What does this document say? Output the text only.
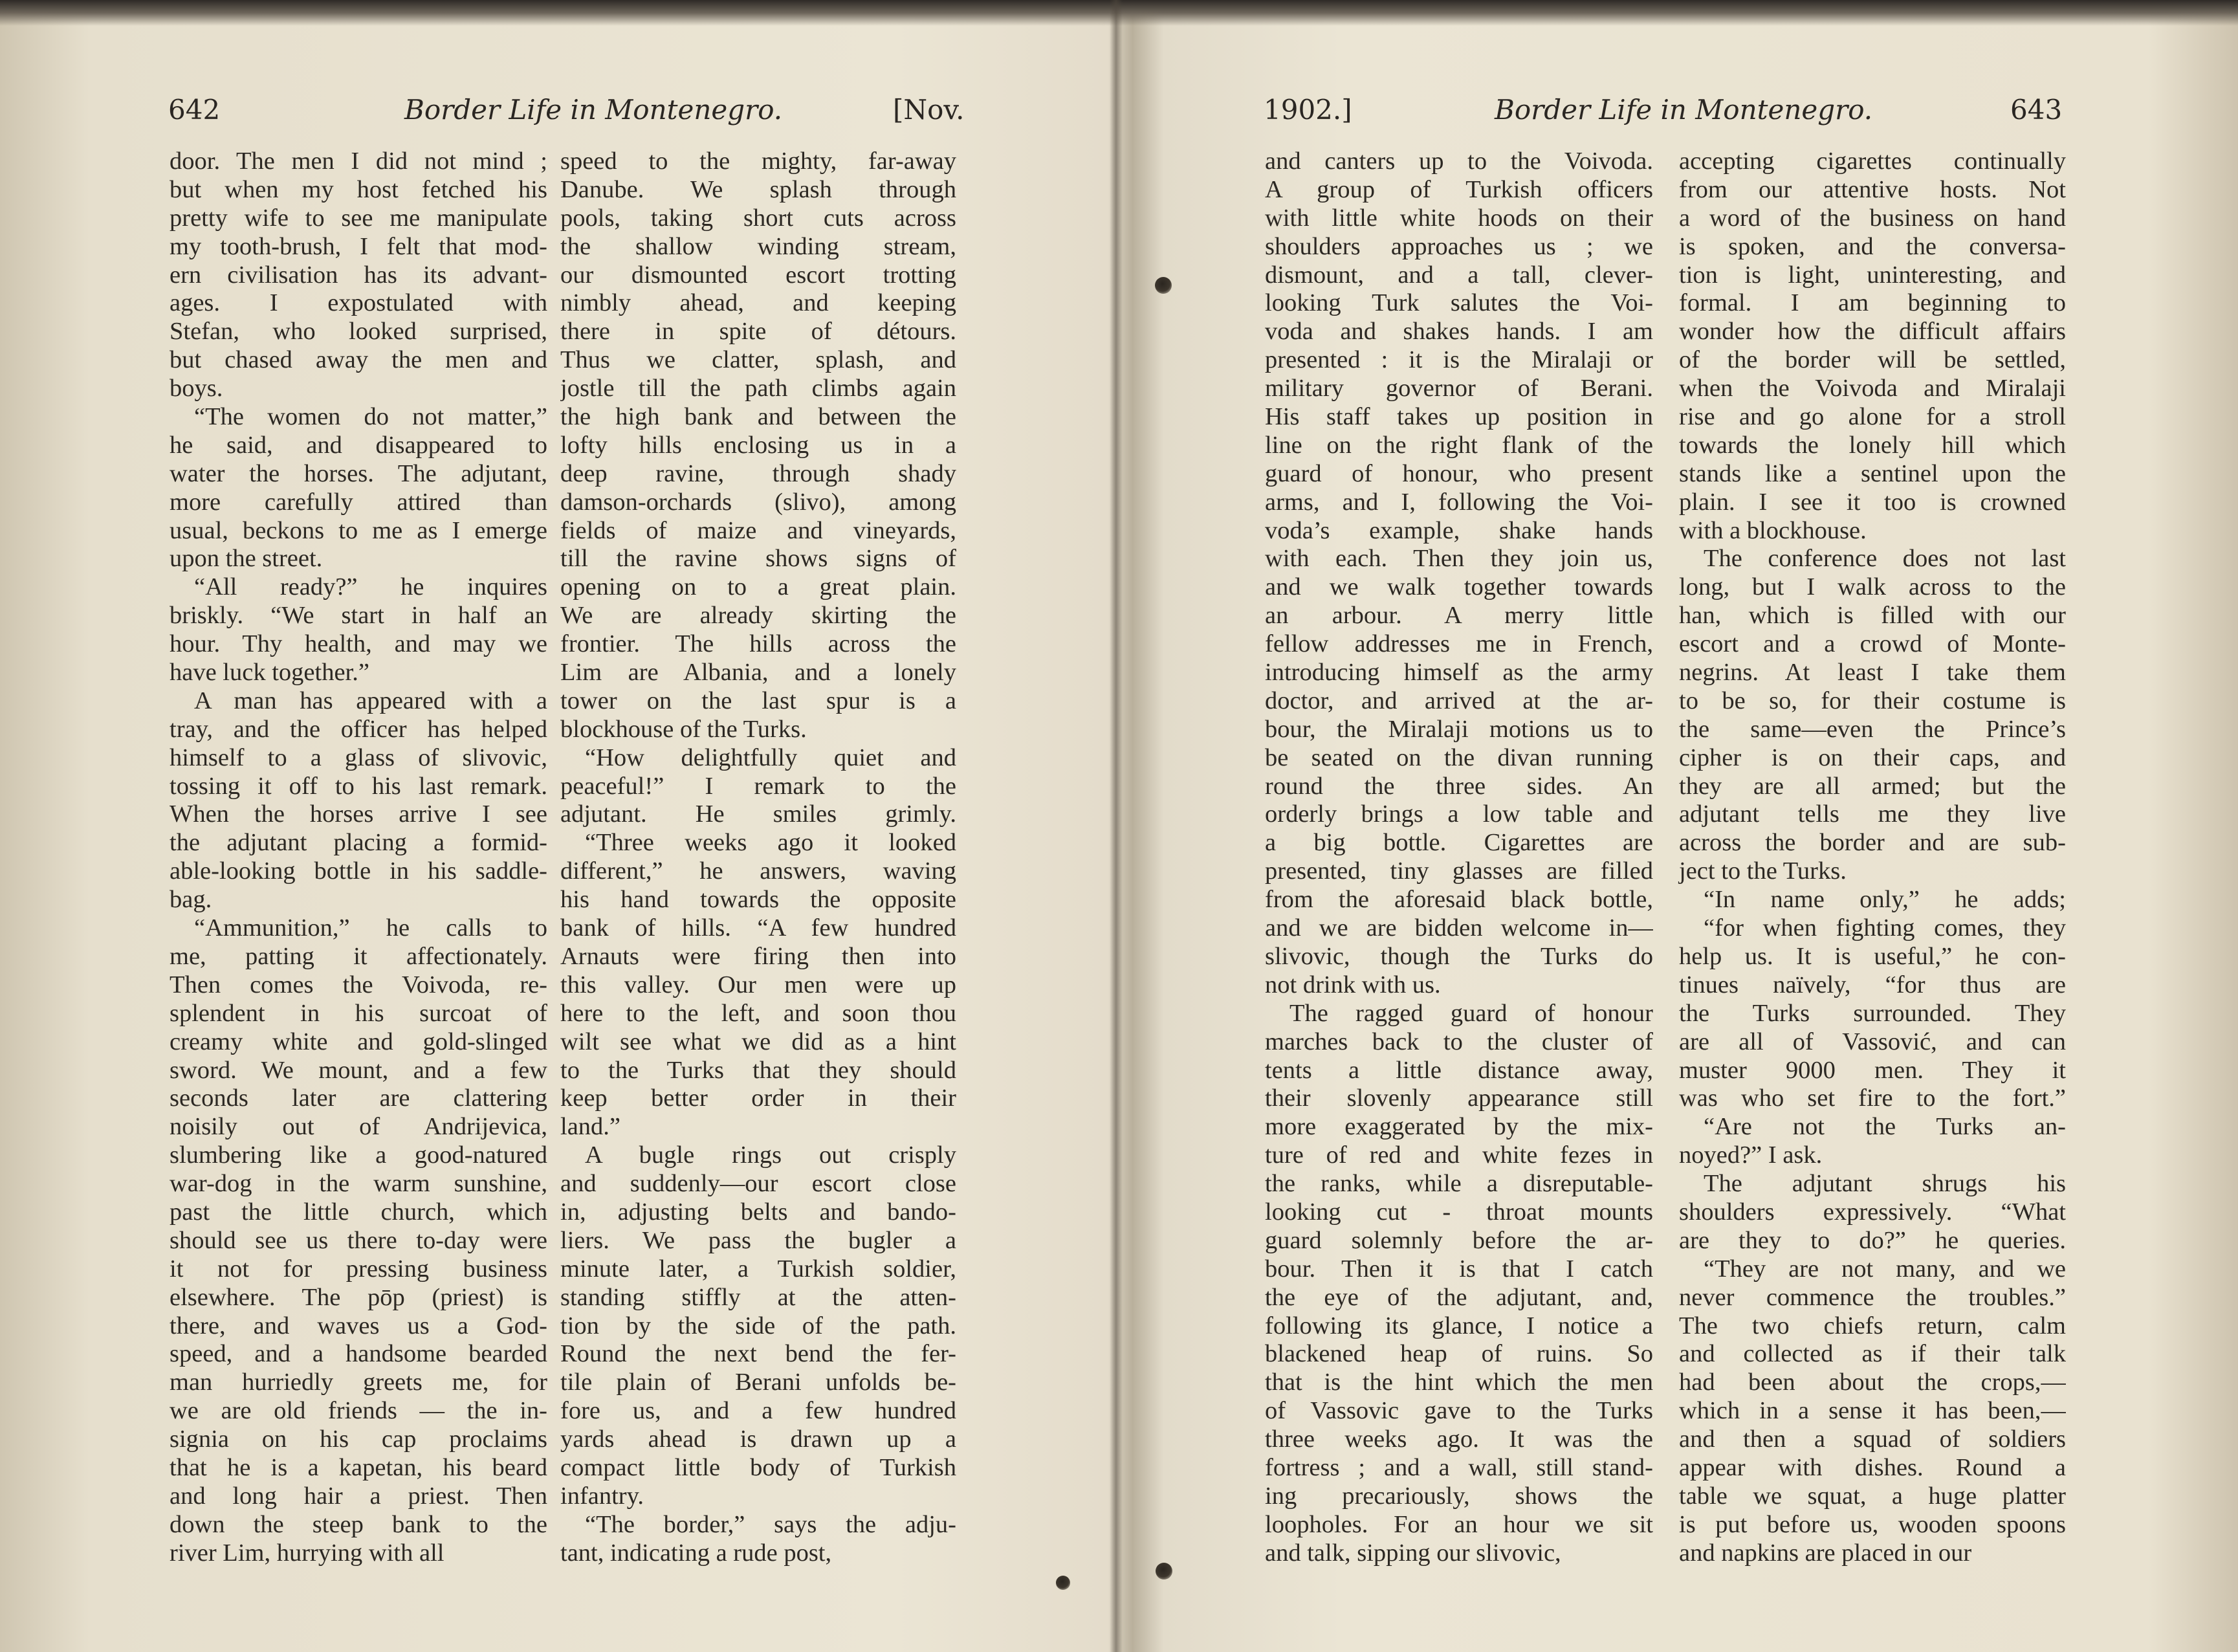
642	Border Life in Montenegro.	[Nov.
door. The men I did not mind ;
but when my host fetched his
pretty wife to see me manipulate
my tooth-brush, I felt that mod-
ern civilisation has its advant-
ages. I expostulated with
Stefan, who looked surprised,
but chased away the men and
boys.
“The women do not matter,”
he said, and disappeared to
water the horses. The adjutant,
more carefully attired than
usual, beckons to me as I emerge
upon the street.
“All ready?” he inquires
briskly. “We start in half an
hour. Thy health, and may we
have luck together.”
A man has appeared with a
tray, and the officer has helped
himself to a glass of slivovic,
tossing it off to his last remark.
When the horses arrive I see
the adjutant placing a formid-
able-looking bottle in his saddle-
bag.
“Ammunition,” he calls to
me, patting it affectionately.
Then comes the Voivoda, re-
splendent in his surcoat of
creamy white and gold-slinged
sword. We mount, and a few
seconds later are clattering
noisily out of Andrijevica,
slumbering like a good-natured
war-dog in the warm sunshine,
past the little church, which
should see us there to-day were
it not for pressing business
elsewhere. The pōp (priest) is
there, and waves us a God-
speed, and a handsome bearded
man hurriedly greets me, for
we are old friends — the in-
signia on his cap proclaims
that he is a kapetan, his beard
and long hair a priest. Then
down the steep bank to the
river Lim, hurrying with all
speed to the mighty, far-away
Danube. We splash through
pools, taking short cuts across
the shallow winding stream,
our dismounted escort trotting
nimbly ahead, and keeping
there in spite of détours.
Thus we clatter, splash, and
jostle till the path climbs again
the high bank and between the
lofty hills enclosing us in a
deep ravine, through shady
damson-orchards (slivo), among
fields of maize and vineyards,
till the ravine shows signs of
opening on to a great plain.
We are already skirting the
frontier. The hills across the
Lim are Albania, and a lonely
tower on the last spur is a
blockhouse of the Turks.
“How delightfully quiet and
peaceful!” I remark to the
adjutant. He smiles grimly.
“Three weeks ago it looked
different,” he answers, waving
his hand towards the opposite
bank of hills. “A few hundred
Arnauts were firing then into
this valley. Our men were up
here to the left, and soon thou
wilt see what we did as a hint
to the Turks that they should
keep better order in their
land.”
A bugle rings out crisply
and suddenly—our escort close
in, adjusting belts and bando-
liers. We pass the bugler a
minute later, a Turkish soldier,
standing stiffly at the atten-
tion by the side of the path.
Round the next bend the fer-
tile plain of Berani unfolds be-
fore us, and a few hundred
yards ahead is drawn up a
compact little body of Turkish
infantry.
“The border,” says the adju-
tant, indicating a rude post,
1902.]	Border Life in Montenegro.	643
and canters up to the Voivoda.
A group of Turkish officers
with little white hoods on their
shoulders approaches us ; we
dismount, and a tall, clever-
looking Turk salutes the Voi-
voda and shakes hands. I am
presented : it is the Miralaji or
military governor of Berani.
His staff takes up position in
line on the right flank of the
guard of honour, who present
arms, and I, following the Voi-
voda’s example, shake hands
with each. Then they join us,
and we walk together towards
an arbour. A merry little
fellow addresses me in French,
introducing himself as the army
doctor, and arrived at the ar-
bour, the Miralaji motions us to
be seated on the divan running
round the three sides. An
orderly brings a low table and
a big bottle. Cigarettes are
presented, tiny glasses are filled
from the aforesaid black bottle,
and we are bidden welcome in—
slivovic, though the Turks do
not drink with us.
The ragged guard of honour
marches back to the cluster of
tents a little distance away,
their slovenly appearance still
more exaggerated by the mix-
ture of red and white fezes in
the ranks, while a disreputable-
looking cut - throat mounts
guard solemnly before the ar-
bour. Then it is that I catch
the eye of the adjutant, and,
following its glance, I notice a
blackened heap of ruins. So
that is the hint which the men
of Vassovic gave to the Turks
three weeks ago. It was the
fortress ; and a wall, still stand-
ing precariously, shows the
loopholes. For an hour we sit
and talk, sipping our slivovic,
accepting cigarettes continually
from our attentive hosts. Not
a word of the business on hand
is spoken, and the conversa-
tion is light, uninteresting, and
formal. I am beginning to
wonder how the difficult affairs
of the border will be settled,
when the Voivoda and Miralaji
rise and go alone for a stroll
towards the lonely hill which
stands like a sentinel upon the
plain. I see it too is crowned
with a blockhouse.
The conference does not last
long, but I walk across to the
han, which is filled with our
escort and a crowd of Monte-
negrins. At least I take them
to be so, for their costume is
the same—even the Prince’s
cipher is on their caps, and
they are all armed; but the
adjutant tells me they live
across the border and are sub-
ject to the Turks.
“In name only,” he adds;
“for when fighting comes, they
help us. It is useful,” he con-
tinues naïvely, “for thus are
the Turks surrounded. They
are all of Vassović, and can
muster 9000 men. They it
was who set fire to the fort.”
“Are not the Turks an-
noyed?” I ask.
The adjutant shrugs his
shoulders expressively. “What
are they to do?” he queries.
“They are not many, and we
never commence the troubles.”
The two chiefs return, calm
and collected as if their talk
had been about the crops,—
which in a sense it has been,—
and then a squad of soldiers
appear with dishes. Round a
table we squat, a huge platter
is put before us, wooden spoons
and napkins are placed in our
